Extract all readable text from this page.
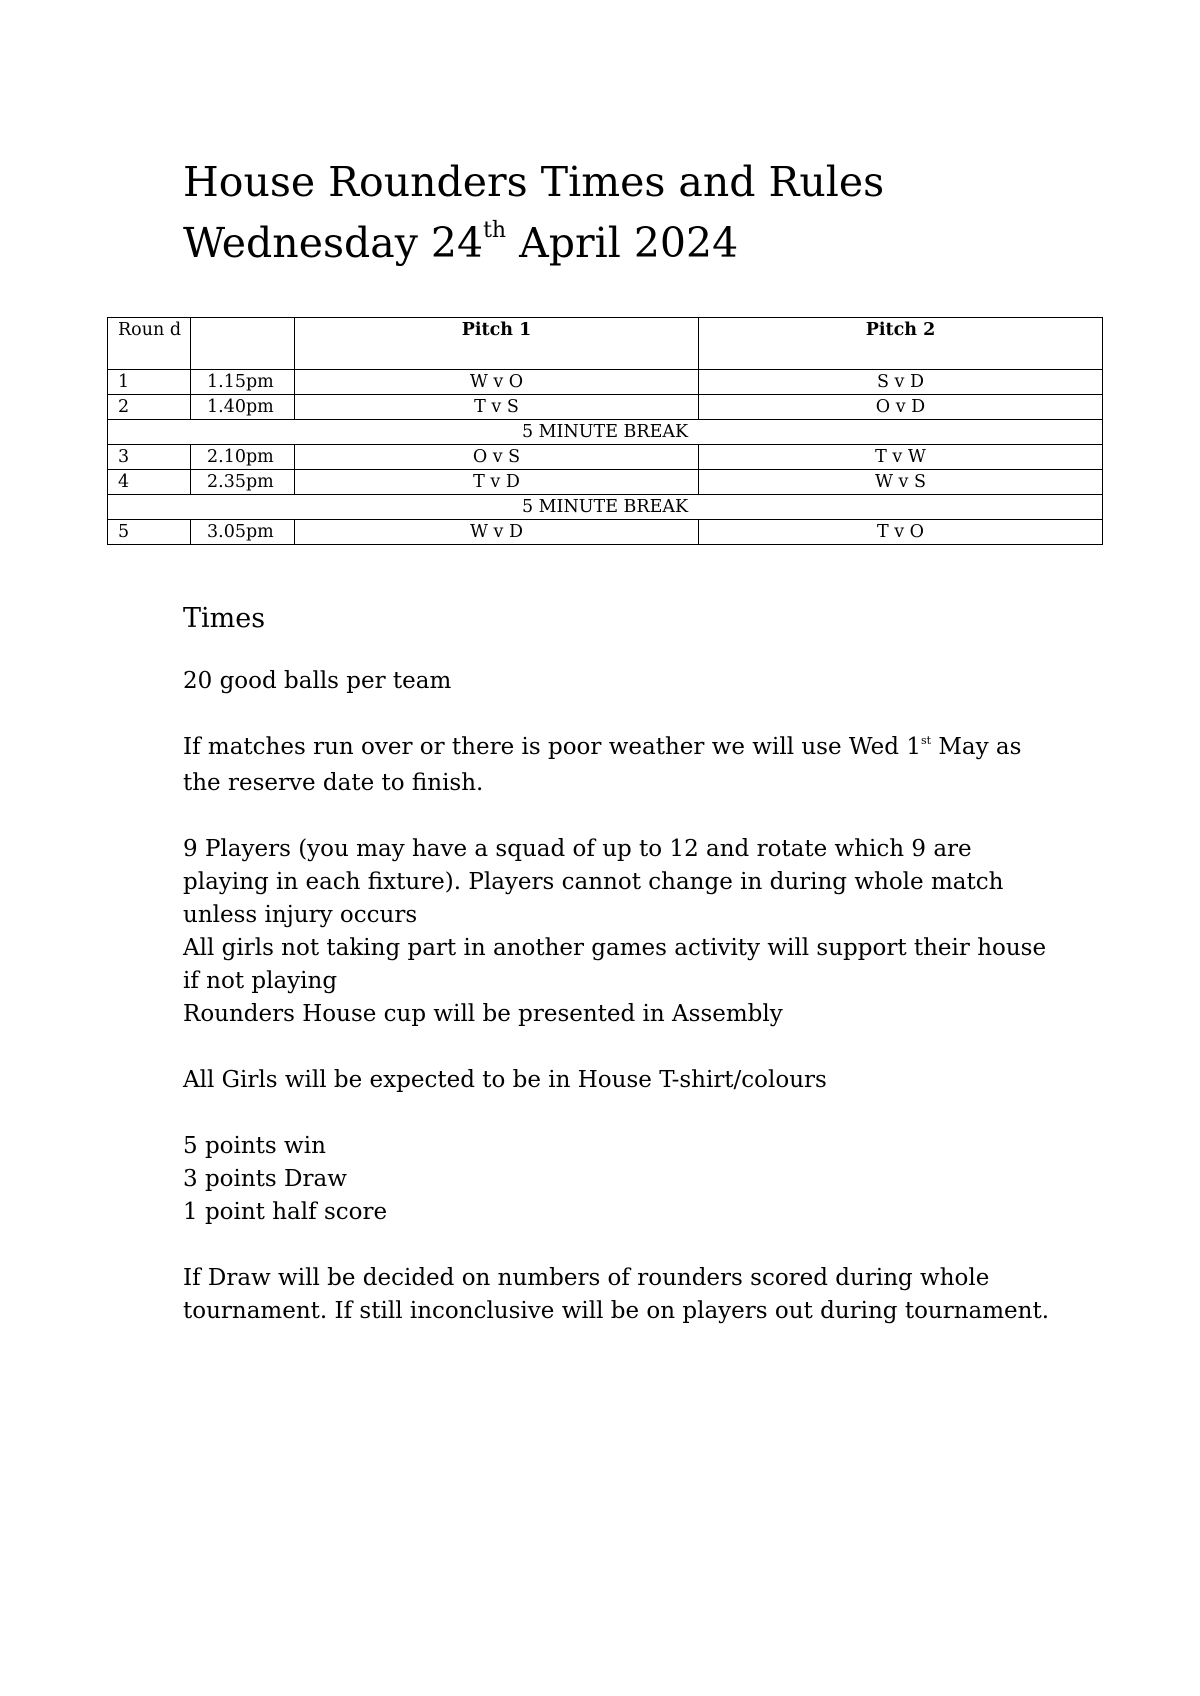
House Rounders Times and Rules
Wednesday 24th April 2024
Roun d		Pitch 1	Pitch 2
1	1.15pm	W v O	S v D
2	1.40pm	T v S	O v D
5 MINUTE BREAK			
3	2.10pm	O v S	T v W
4	2.35pm	T v D	W v S
5 MINUTE BREAK			
5	3.05pm	W v D	T v O

Times

20 good balls per team

If matches run over or there is poor weather we will use Wed 1st May as the reserve date to finish.

9 Players (you may have a squad of up to 12 and rotate which 9 are playing in each fixture). Players cannot change in during whole match unless injury occurs
All girls not taking part in another games activity will support their house if not playing
Rounders House cup will be presented in Assembly

All Girls will be expected to be in House T-shirt/colours

5 points win
3 points Draw
1 point half score

If Draw will be decided on numbers of rounders scored during whole tournament. If still inconclusive will be on players out during tournament.
